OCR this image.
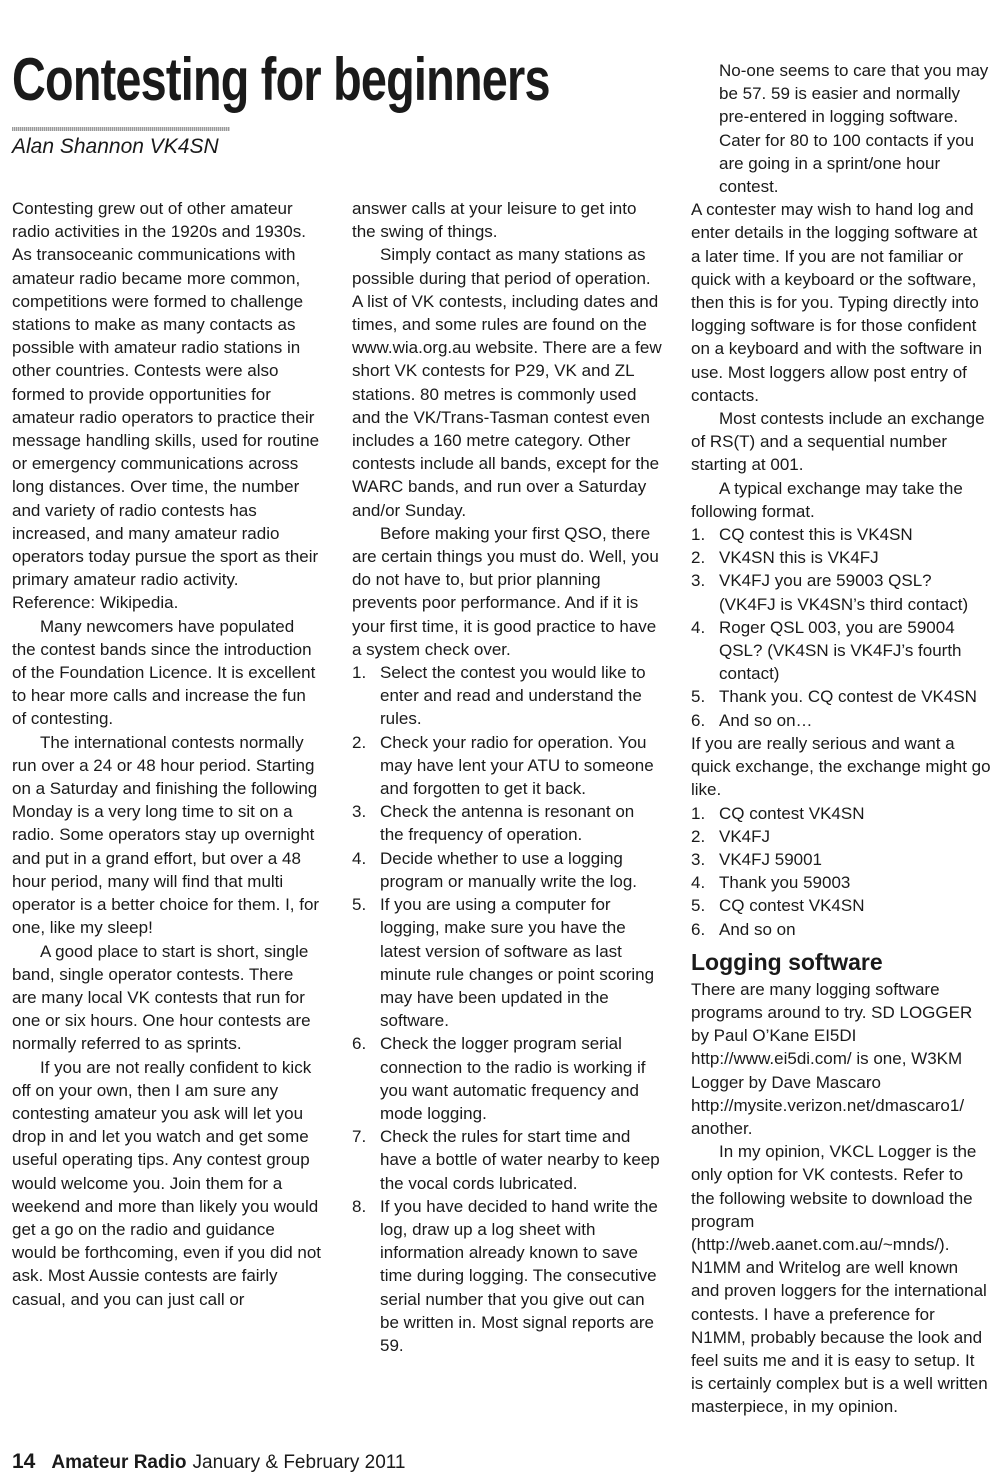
Contesting for beginners
Alan Shannon VK4SN

Contesting grew out of other amateur radio activities in the 1920s and 1930s. As transoceanic communications with amateur radio became more common, competitions were formed to challenge stations to make as many contacts as possible with amateur radio stations in other countries. Contests were also formed to provide opportunities for amateur radio operators to practice their message handling skills, used for routine or emergency communications across long distances. Over time, the number and variety of radio contests has increased, and many amateur radio operators today pursue the sport as their primary amateur radio activity. Reference: Wikipedia.

Many newcomers have populated the contest bands since the introduction of the Foundation Licence. It is excellent to hear more calls and increase the fun of contesting.

The international contests normally run over a 24 or 48 hour period. Starting on a Saturday and finishing the following Monday is a very long time to sit on a radio. Some operators stay up overnight and put in a grand effort, but over a 48 hour period, many will find that multi operator is a better choice for them. I, for one, like my sleep!

A good place to start is short, single band, single operator contests. There are many local VK contests that run for one or six hours. One hour contests are normally referred to as sprints.

If you are not really confident to kick off on your own, then I am sure any contesting amateur you ask will let you drop in and let you watch and get some useful operating tips. Any contest group would welcome you. Join them for a weekend and more than likely you would get a go on the radio and guidance would be forthcoming, even if you did not ask. Most Aussie contests are fairly casual, and you can just call or

answer calls at your leisure to get into the swing of things.

Simply contact as many stations as possible during that period of operation. A list of VK contests, including dates and times, and some rules are found on the www.wia.org.au website. There are a few short VK contests for P29, VK and ZL stations. 80 metres is commonly used and the VK/Trans-Tasman contest even includes a 160 metre category. Other contests include all bands, except for the WARC bands, and run over a Saturday and/or Sunday.

Before making your first QSO, there are certain things you must do. Well, you do not have to, but prior planning prevents poor performance. And if it is your first time, it is good practice to have a system check over.

1. Select the contest you would like to enter and read and understand the rules.
2. Check your radio for operation. You may have lent your ATU to someone and forgotten to get it back.
3. Check the antenna is resonant on the frequency of operation.
4. Decide whether to use a logging program or manually write the log.
5. If you are using a computer for logging, make sure you have the latest version of software as last minute rule changes or point scoring may have been updated in the software.
6. Check the logger program serial connection to the radio is working if you want automatic frequency and mode logging.
7. Check the rules for start time and have a bottle of water nearby to keep the vocal cords lubricated.
8. If you have decided to hand write the log, draw up a log sheet with information already known to save time during logging. The consecutive serial number that you give out can be written in. Most signal reports are 59.

No-one seems to care that you may be 57. 59 is easier and normally pre-entered in logging software. Cater for 80 to 100 contacts if you are going in a sprint/one hour contest.

A contester may wish to hand log and enter details in the logging software at a later time. If you are not familiar or quick with a keyboard or the software, then this is for you. Typing directly into logging software is for those confident on a keyboard and with the software in use. Most loggers allow post entry of contacts.

Most contests include an exchange of RS(T) and a sequential number starting at 001.

A typical exchange may take the following format.

1. CQ contest this is VK4SN
2. VK4SN this is VK4FJ
3. VK4FJ you are 59003 QSL? (VK4FJ is VK4SN’s third contact)
4. Roger QSL 003, you are 59004 QSL? (VK4SN is VK4FJ’s fourth contact)
5. Thank you. CQ contest de VK4SN
6. And so on…

If you are really serious and want a quick exchange, the exchange might go like.

1. CQ contest VK4SN
2. VK4FJ
3. VK4FJ 59001
4. Thank you 59003
5. CQ contest VK4SN
6. And so on
Logging software

There are many logging software programs around to try. SD LOGGER by Paul O’Kane EI5DI http://www.ei5di.com/ is one, W3KM Logger by Dave Mascaro http://mysite.verizon.net/dmascaro1/ another.

In my opinion, VKCL Logger is the only option for VK contests. Refer to the following website to download the program (http://web.aanet.com.au/~mnds/). N1MM and Writelog are well known and proven loggers for the international contests. I have a preference for N1MM, probably because the look and feel suits me and it is easy to setup. It is certainly complex but is a well written masterpiece, in my opinion.

14 Amateur Radio January & February 2011
